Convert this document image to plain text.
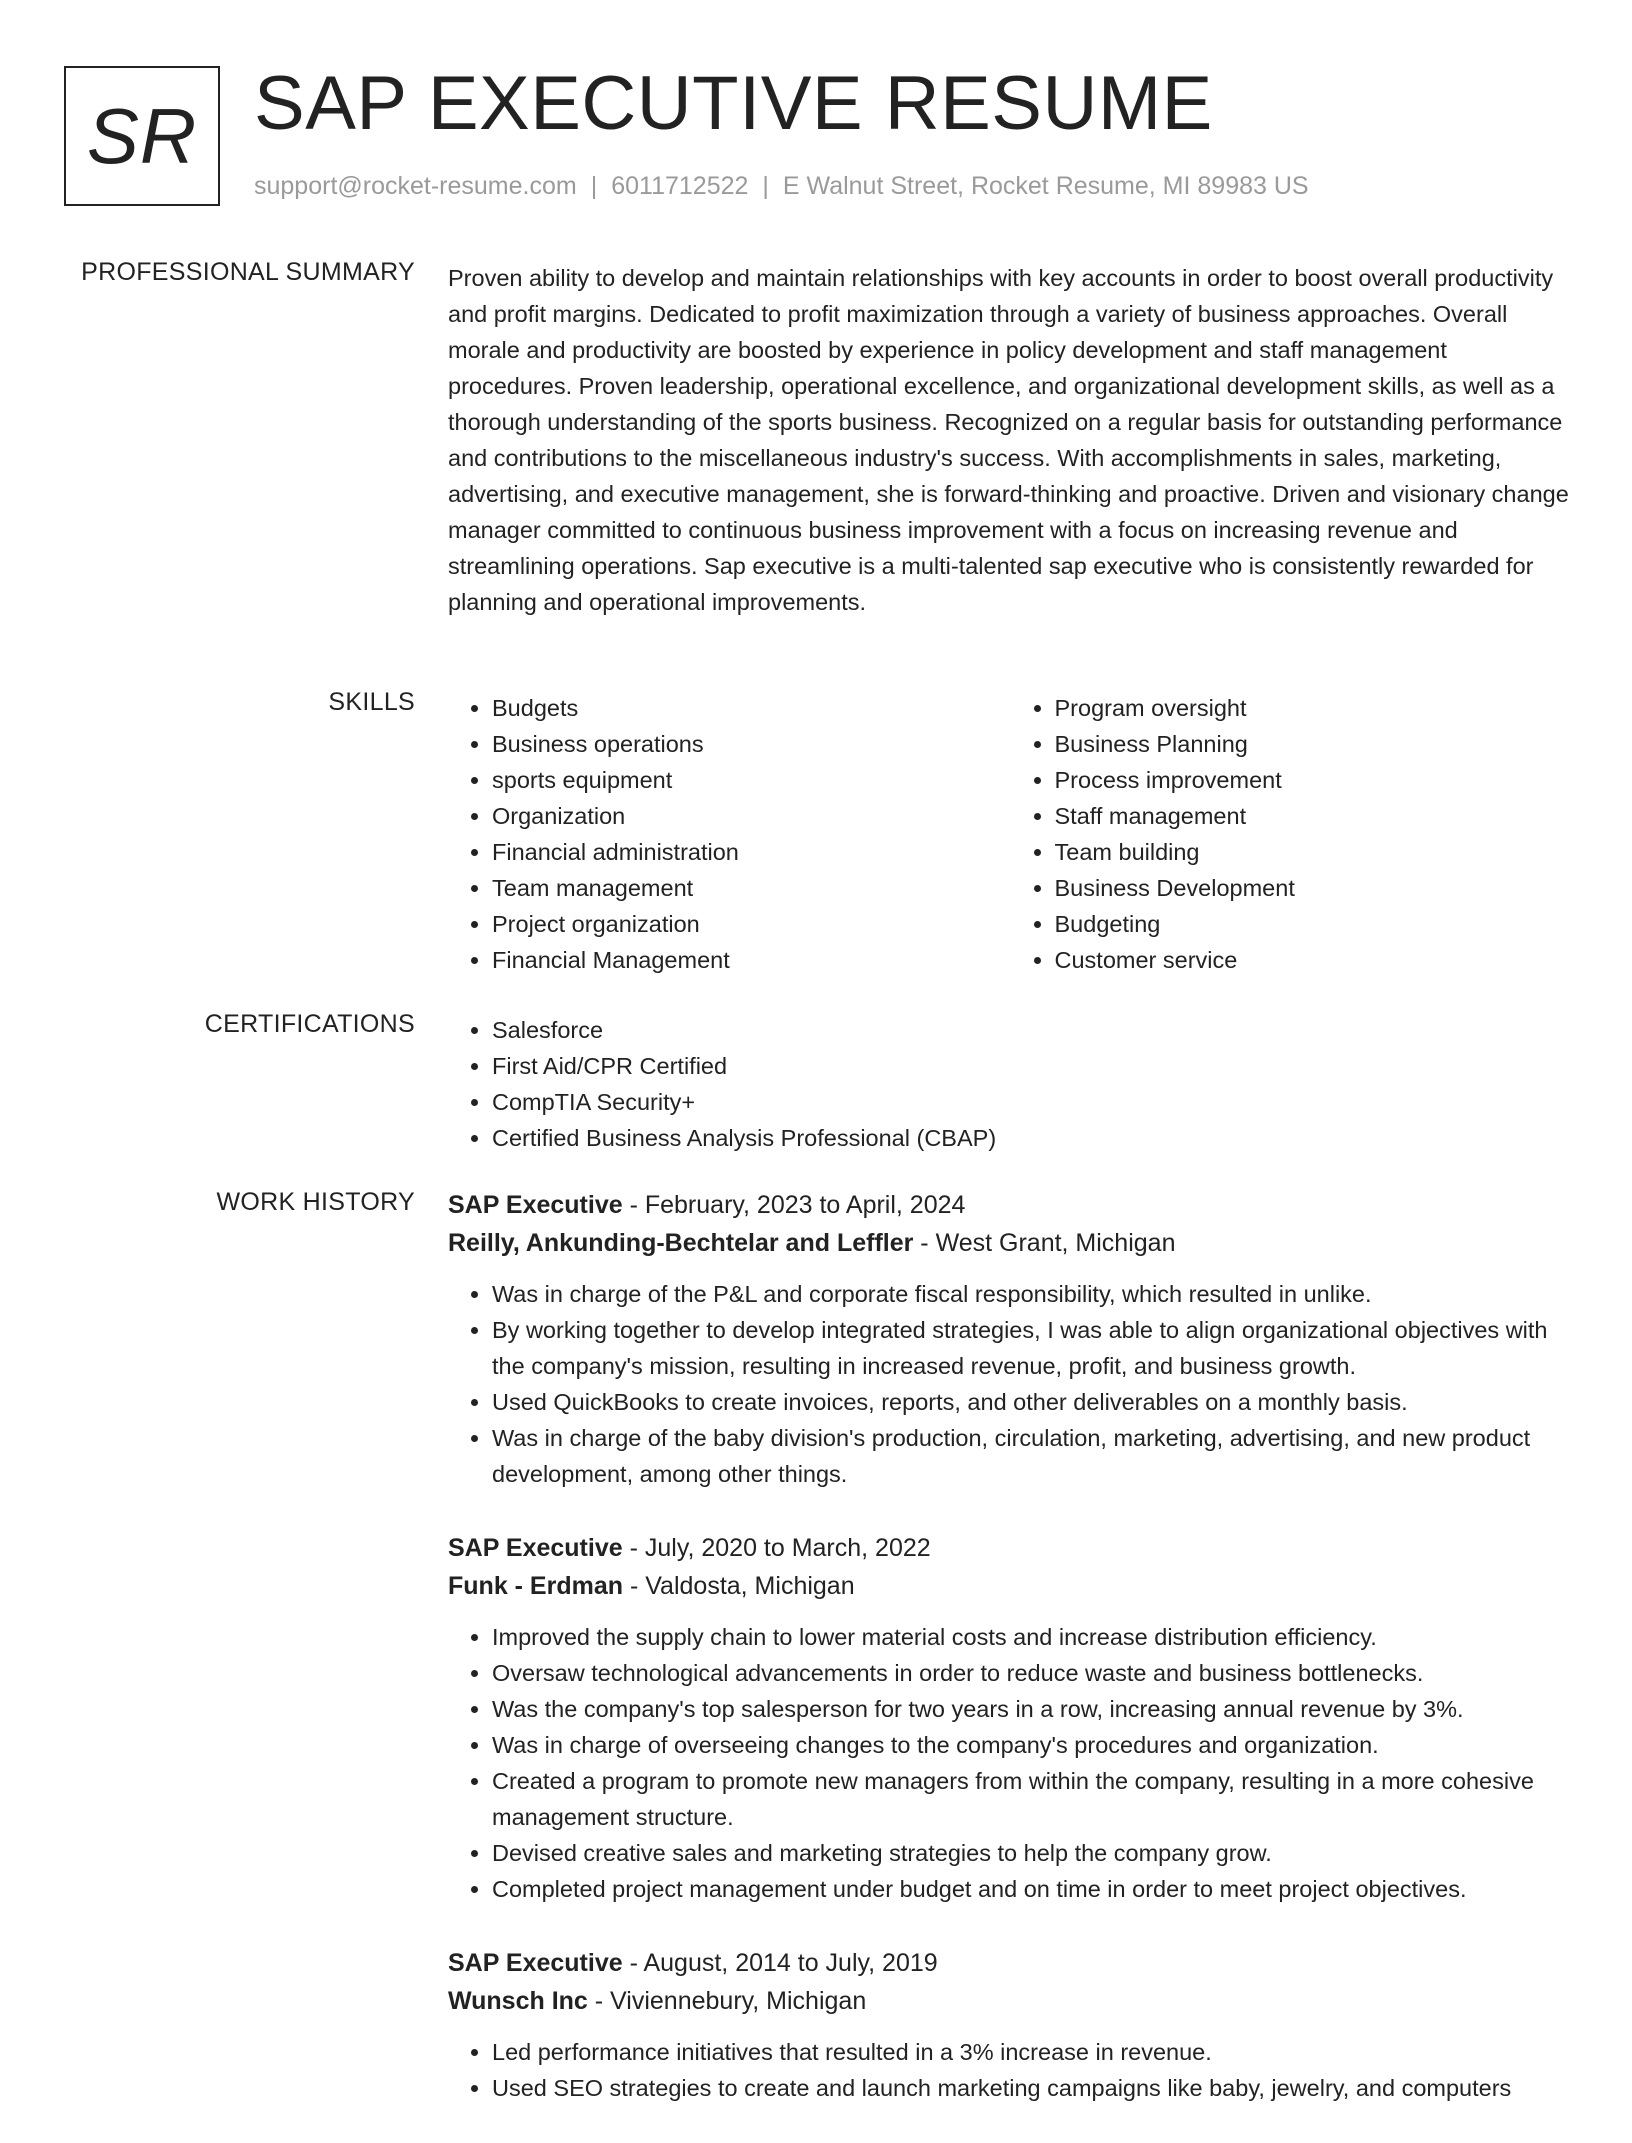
SR SAP EXECUTIVE RESUME
support@rocket-resume.com | 6011712522 | E Walnut Street, Rocket Resume, MI 89983 US
PROFESSIONAL SUMMARY Proven ability to develop and maintain relationships with key accounts in order to boost overall productivity and profit margins. Dedicated to profit maximization through a variety of business approaches. Overall morale and productivity are boosted by experience in policy development and staff management procedures. Proven leadership, operational excellence, and organizational development skills, as well as a thorough understanding of the sports business. Recognized on a regular basis for outstanding performance and contributions to the miscellaneous industry's success. With accomplishments in sales, marketing, advertising, and executive management, she is forward-thinking and proactive. Driven and visionary change manager committed to continuous business improvement with a focus on increasing revenue and streamlining operations. Sap executive is a multi-talented sap executive who is consistently rewarded for planning and operational improvements.

SKILLS	• Budgets
• Business operations
• sports equipment
• Organization
• Financial administration
• Team management
• Project organization
• Financial Management
• Program oversight
• Business Planning
• Process improvement
• Staff management
• Team building
• Business Development
• Budgeting
• Customer service
CERTIFICATIONS	• Salesforce
• First Aid/CPR Certified
• CompTIA Security+
• Certified Business Analysis Professional (CBAP)
WORK HISTORY SAP Executive - February, 2023 to April, 2024
Reilly, Ankunding-Bechtelar and Leffler - West Grant, Michigan
• Was in charge of the P&L and corporate fiscal responsibility, which resulted in unlike.
• By working together to develop integrated strategies, I was able to align organizational objectives with the company's mission, resulting in increased revenue, profit, and business growth.
• Used QuickBooks to create invoices, reports, and other deliverables on a monthly basis.
• Was in charge of the baby division's production, circulation, marketing, advertising, and new product development, among other things.
SAP Executive - July, 2020 to March, 2022
Funk - Erdman - Valdosta, Michigan
• Improved the supply chain to lower material costs and increase distribution efficiency.
• Oversaw technological advancements in order to reduce waste and business bottlenecks.
• Was the company's top salesperson for two years in a row, increasing annual revenue by 3%.
• Was in charge of overseeing changes to the company's procedures and organization.
• Created a program to promote new managers from within the company, resulting in a more cohesive management structure.
• Devised creative sales and marketing strategies to help the company grow.
• Completed project management under budget and on time in order to meet project objectives.
SAP Executive - August, 2014 to July, 2019
Wunsch Inc - Viviennebury, Michigan
• Led performance initiatives that resulted in a 3% increase in revenue.
• Used SEO strategies to create and launch marketing campaigns like baby, jewelry, and computers
